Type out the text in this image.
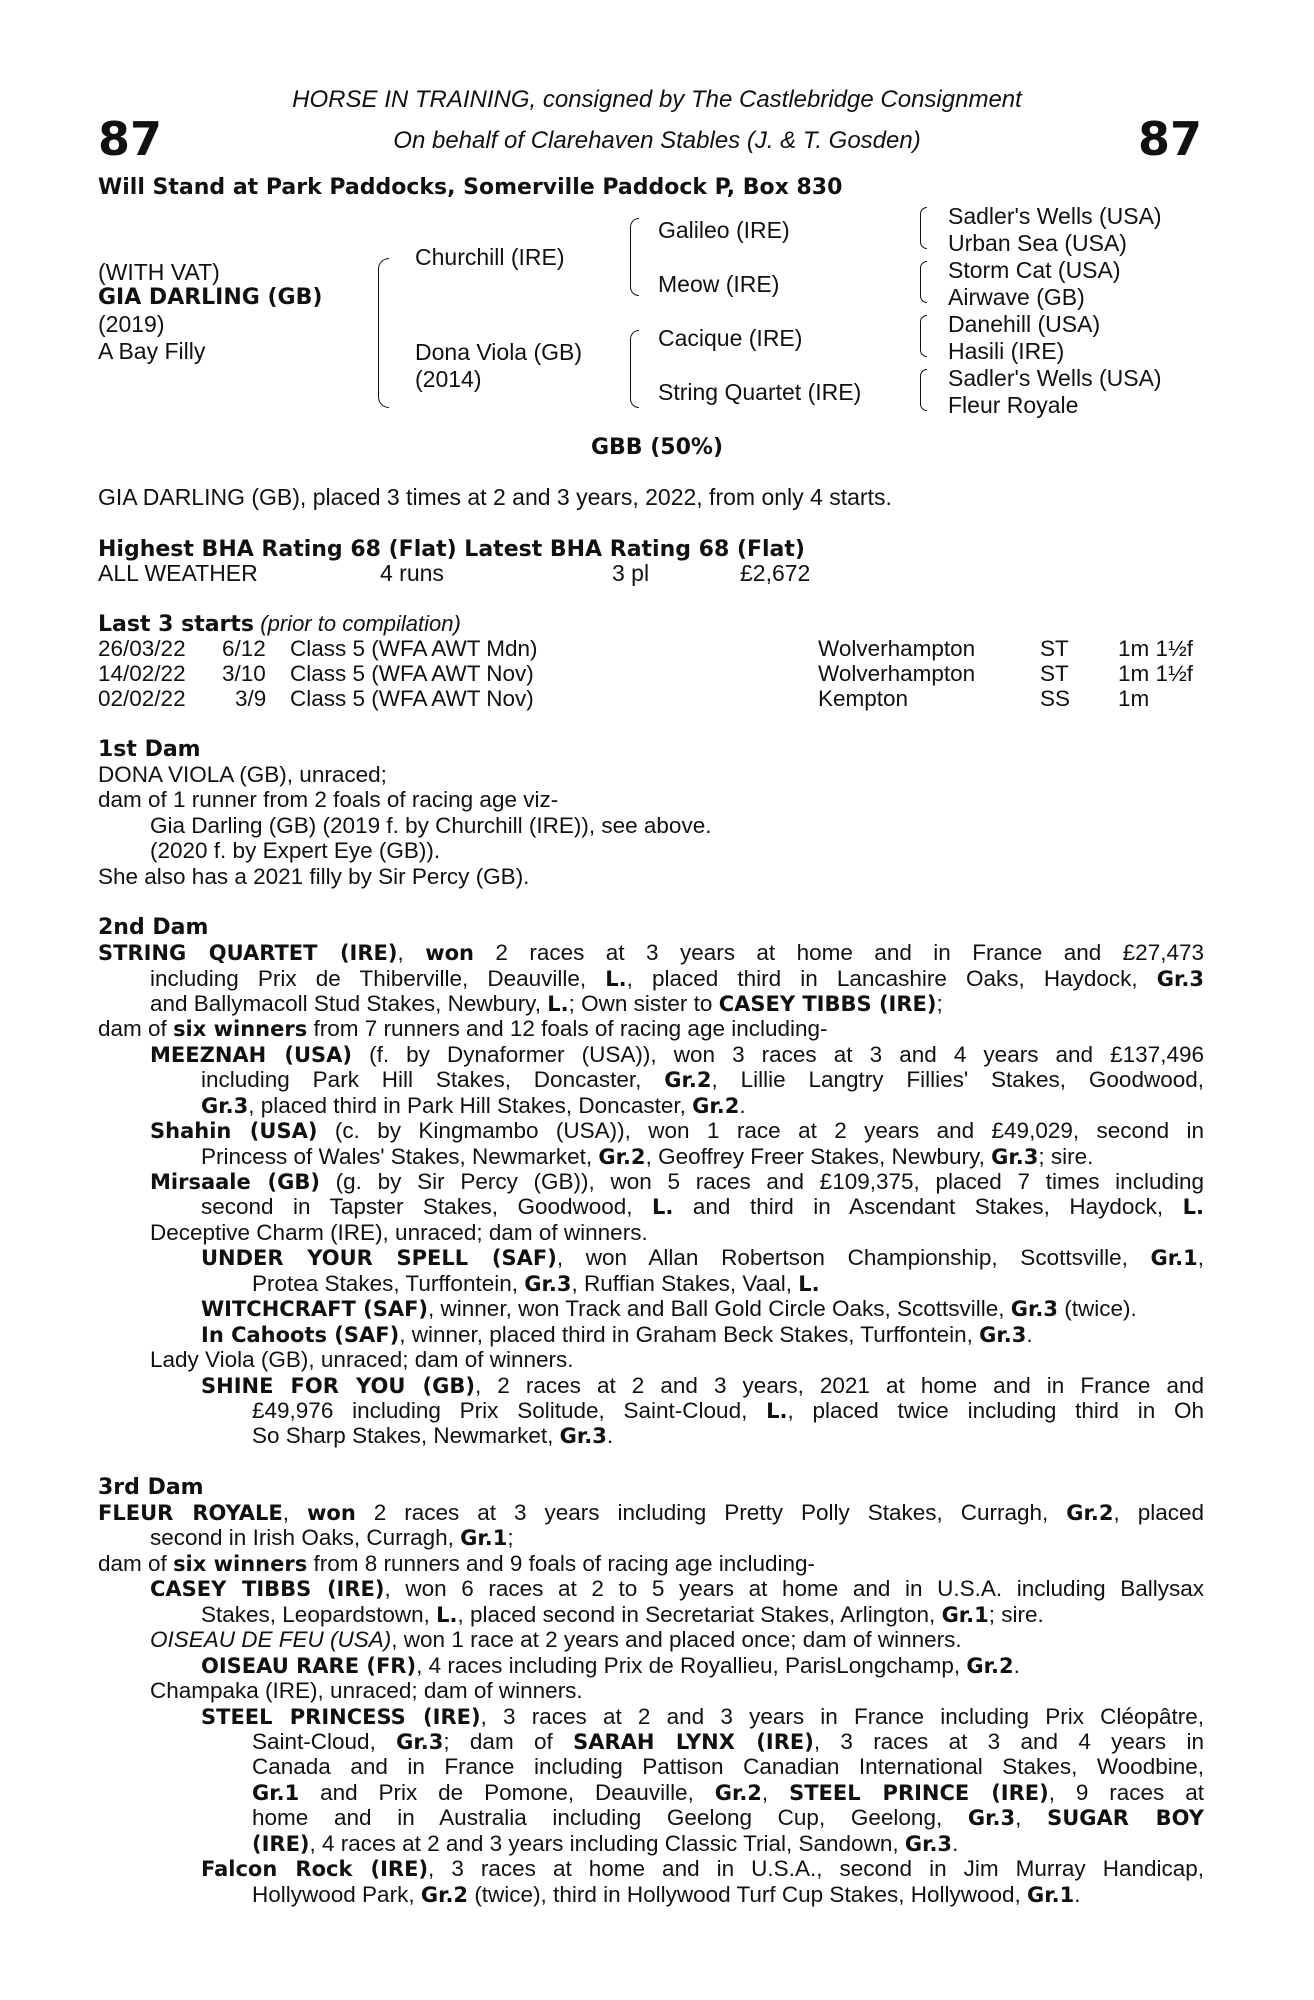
87	87
HORSE IN TRAINING, consigned by The Castlebridge Consignment
On behalf of Clarehaven Stables (J. & T. Gosden)
Will Stand at Park Paddocks, Somerville Paddock P, Box 830
(WITH VAT)
GIA DARLING (GB)
(2019)
A Bay Filly
Churchill (IRE)
Dona Viola (GB)
(2014)
Galileo (IRE)
Meow (IRE)
Cacique (IRE)
String Quartet (IRE)
Sadler's Wells (USA)
Urban Sea (USA)
Storm Cat (USA)
Airwave (GB)
Danehill (USA)
Hasili (IRE)
Sadler's Wells (USA)
Fleur Royale
GBB (50%)
GIA DARLING (GB), placed 3 times at 2 and 3 years, 2022, from only 4 starts.
Highest BHA Rating 68 (Flat) Latest BHA Rating 68 (Flat)
ALL WEATHER	4 runs	3 pl	£2,672
Last 3 starts (prior to compilation)
26/03/22 6/12 Class 5 (WFA AWT Mdn)	Wolverhampton	ST 1m 1½f
14/02/22 3/10 Class 5 (WFA AWT Nov)	Wolverhampton	ST 1m 1½f
02/02/22 3/9 Class 5 (WFA AWT Nov)	Kempton	SS 1m
1st Dam
DONA VIOLA (GB), unraced;
dam of 1 runner from 2 foals of racing age viz-
Gia Darling (GB) (2019 f. by Churchill (IRE)), see above.
(2020 f. by Expert Eye (GB)).
She also has a 2021 filly by Sir Percy (GB).
2nd Dam
STRING QUARTET (IRE), won 2 races at 3 years at home and in France and £27,473
including Prix de Thiberville, Deauville, L., placed third in Lancashire Oaks, Haydock, Gr.3
and Ballymacoll Stud Stakes, Newbury, L.; Own sister to CASEY TIBBS (IRE);
dam of six winners from 7 runners and 12 foals of racing age including-
MEEZNAH (USA) (f. by Dynaformer (USA)), won 3 races at 3 and 4 years and £137,496
including Park Hill Stakes, Doncaster, Gr.2, Lillie Langtry Fillies' Stakes, Goodwood,
Gr.3, placed third in Park Hill Stakes, Doncaster, Gr.2.
Shahin (USA) (c. by Kingmambo (USA)), won 1 race at 2 years and £49,029, second in
Princess of Wales' Stakes, Newmarket, Gr.2, Geoffrey Freer Stakes, Newbury, Gr.3; sire.
Mirsaale (GB) (g. by Sir Percy (GB)), won 5 races and £109,375, placed 7 times including
second in Tapster Stakes, Goodwood, L. and third in Ascendant Stakes, Haydock, L.
Deceptive Charm (IRE), unraced; dam of winners.
UNDER YOUR SPELL (SAF), won Allan Robertson Championship, Scottsville, Gr.1,
Protea Stakes, Turffontein, Gr.3, Ruffian Stakes, Vaal, L.
WITCHCRAFT (SAF), winner, won Track and Ball Gold Circle Oaks, Scottsville, Gr.3 (twice).
In Cahoots (SAF), winner, placed third in Graham Beck Stakes, Turffontein, Gr.3.
Lady Viola (GB), unraced; dam of winners.
SHINE FOR YOU (GB), 2 races at 2 and 3 years, 2021 at home and in France and
£49,976 including Prix Solitude, Saint-Cloud, L., placed twice including third in Oh
So Sharp Stakes, Newmarket, Gr.3.
3rd Dam
FLEUR ROYALE, won 2 races at 3 years including Pretty Polly Stakes, Curragh, Gr.2, placed
second in Irish Oaks, Curragh, Gr.1;
dam of six winners from 8 runners and 9 foals of racing age including-
CASEY TIBBS (IRE), won 6 races at 2 to 5 years at home and in U.S.A. including Ballysax
Stakes, Leopardstown, L., placed second in Secretariat Stakes, Arlington, Gr.1; sire.
OISEAU DE FEU (USA), won 1 race at 2 years and placed once; dam of winners.
OISEAU RARE (FR), 4 races including Prix de Royallieu, ParisLongchamp, Gr.2.
Champaka (IRE), unraced; dam of winners.
STEEL PRINCESS (IRE), 3 races at 2 and 3 years in France including Prix Cléopâtre,
Saint-Cloud, Gr.3; dam of SARAH LYNX (IRE), 3 races at 3 and 4 years in
Canada and in France including Pattison Canadian International Stakes, Woodbine,
Gr.1 and Prix de Pomone, Deauville, Gr.2, STEEL PRINCE (IRE), 9 races at
home and in Australia including Geelong Cup, Geelong, Gr.3, SUGAR BOY
(IRE), 4 races at 2 and 3 years including Classic Trial, Sandown, Gr.3.
Falcon Rock (IRE), 3 races at home and in U.S.A., second in Jim Murray Handicap,
Hollywood Park, Gr.2 (twice), third in Hollywood Turf Cup Stakes, Hollywood, Gr.1.
